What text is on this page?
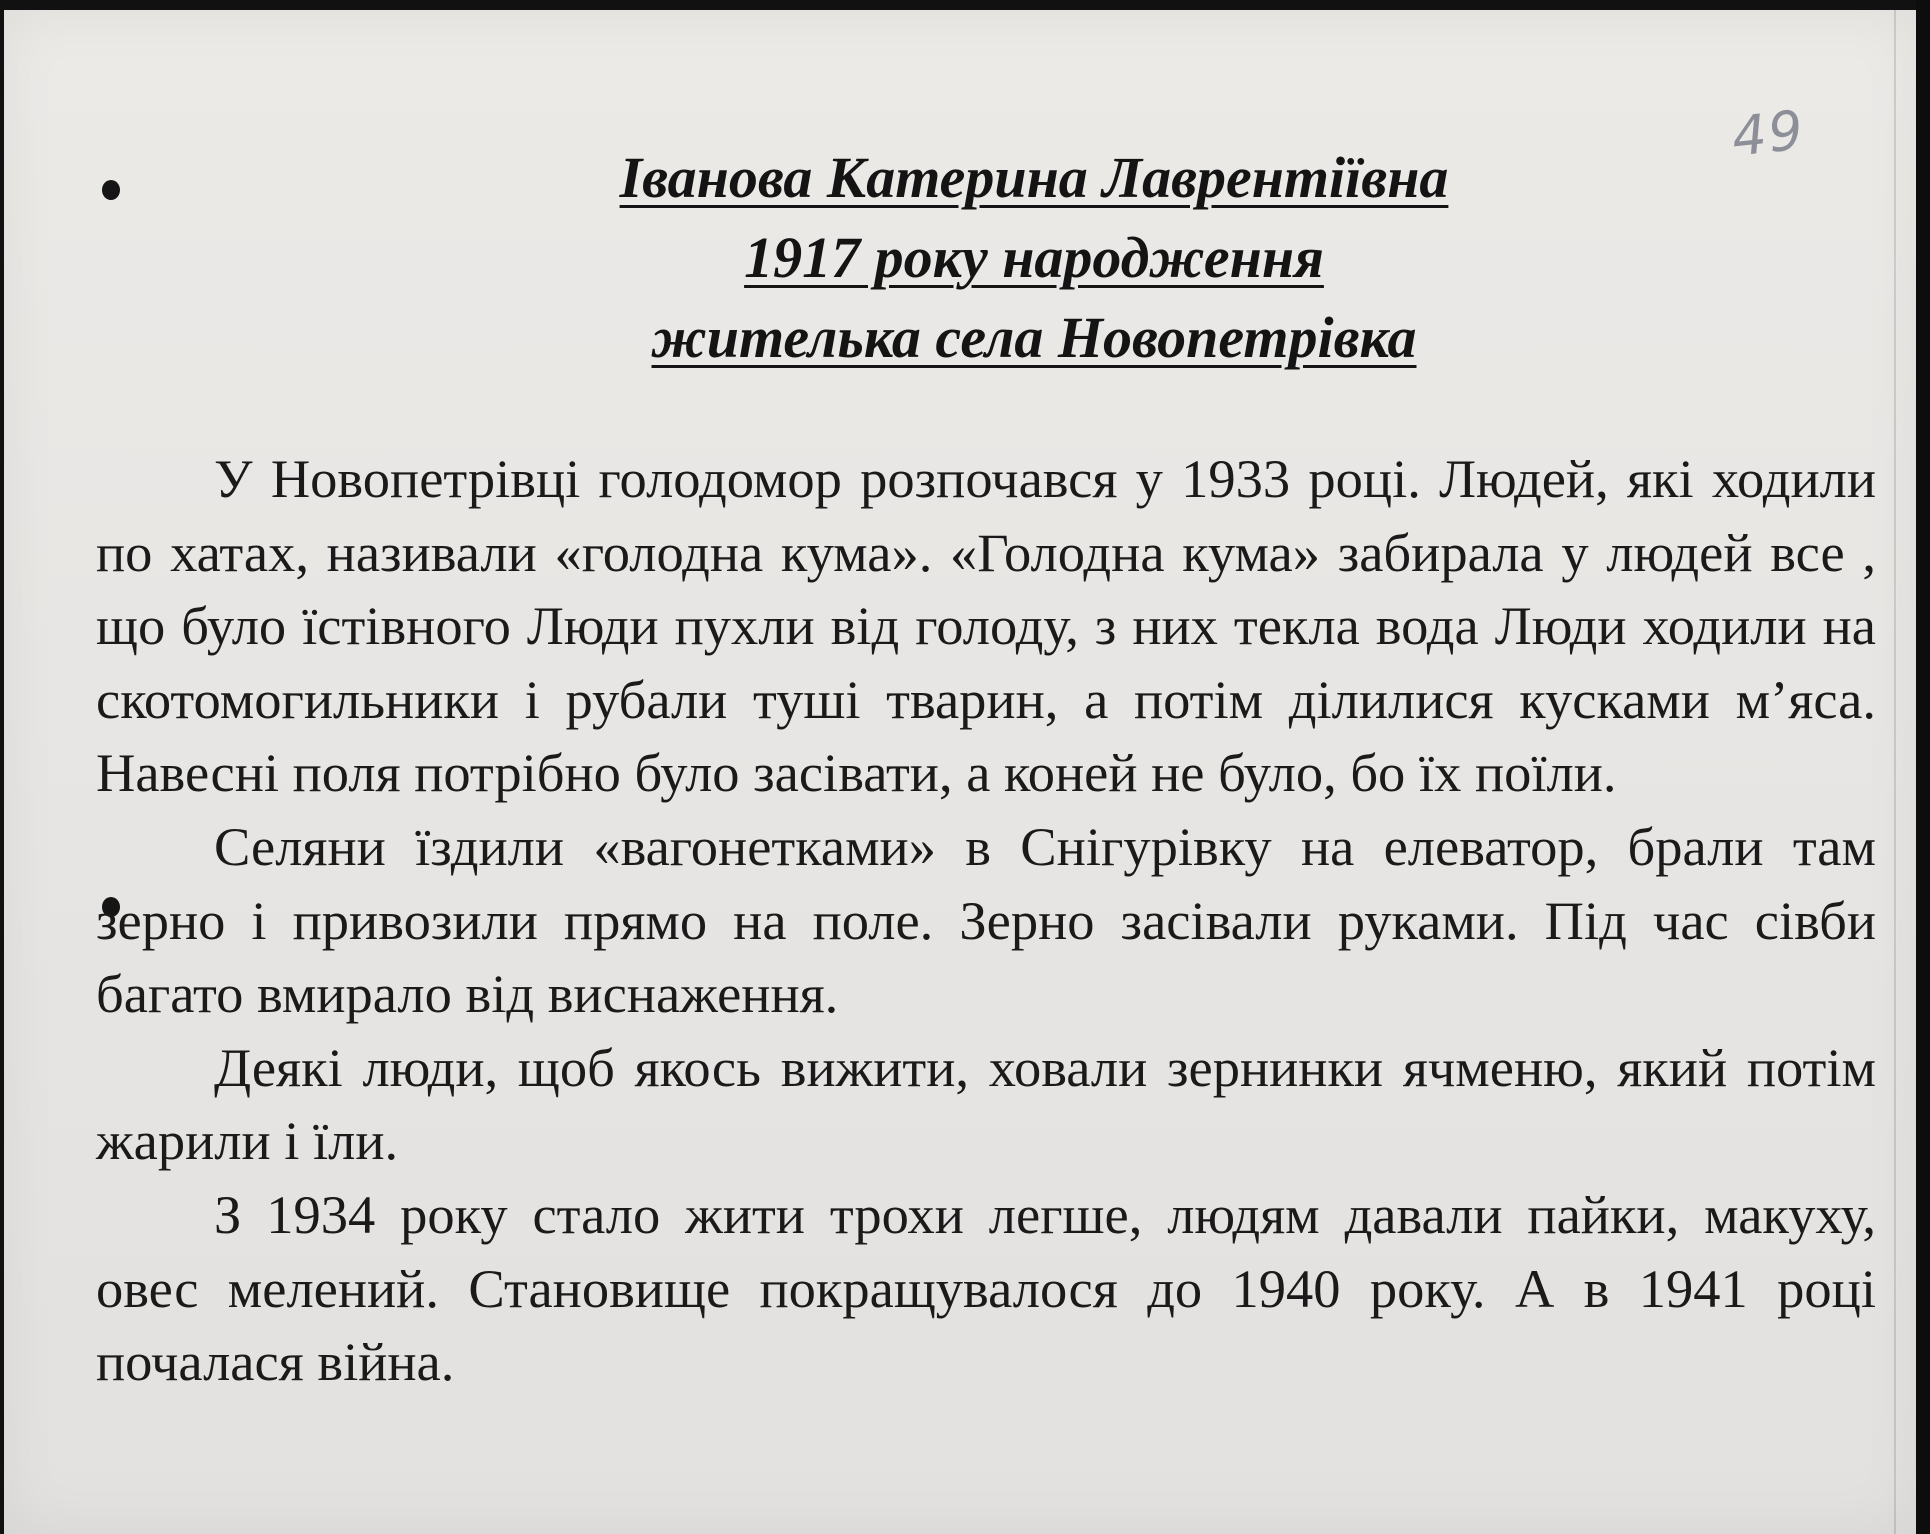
49
Іванова Катерина Лаврентіївна
1917 року народження
жителька села Новопетрівка

У Новопетрівці голодомор розпочався у 1933 році. Людей, які ходили по хатах, називали «голодна кума». «Голодна кума» забирала у людей все , що було їстівного Люди пухли від голоду, з них текла вода Люди ходили на скотомогильники і рубали туші тварин, а потім ділилися кусками м’яса. Навесні поля потрібно було засівати, а коней не було, бо їх поїли.

Селяни їздили «вагонетками» в Снігурівку на елеватор, брали там зерно і привозили прямо на поле. Зерно засівали руками. Під час сівби багато вмирало від виснаження.

Деякі люди, щоб якось вижити, ховали зернинки ячменю, який потім жарили і їли.

З 1934 року стало жити трохи легше, людям давали пайки, макуху, овес мелений. Становище покращувалося до 1940 року. А в 1941 році почалася війна.
